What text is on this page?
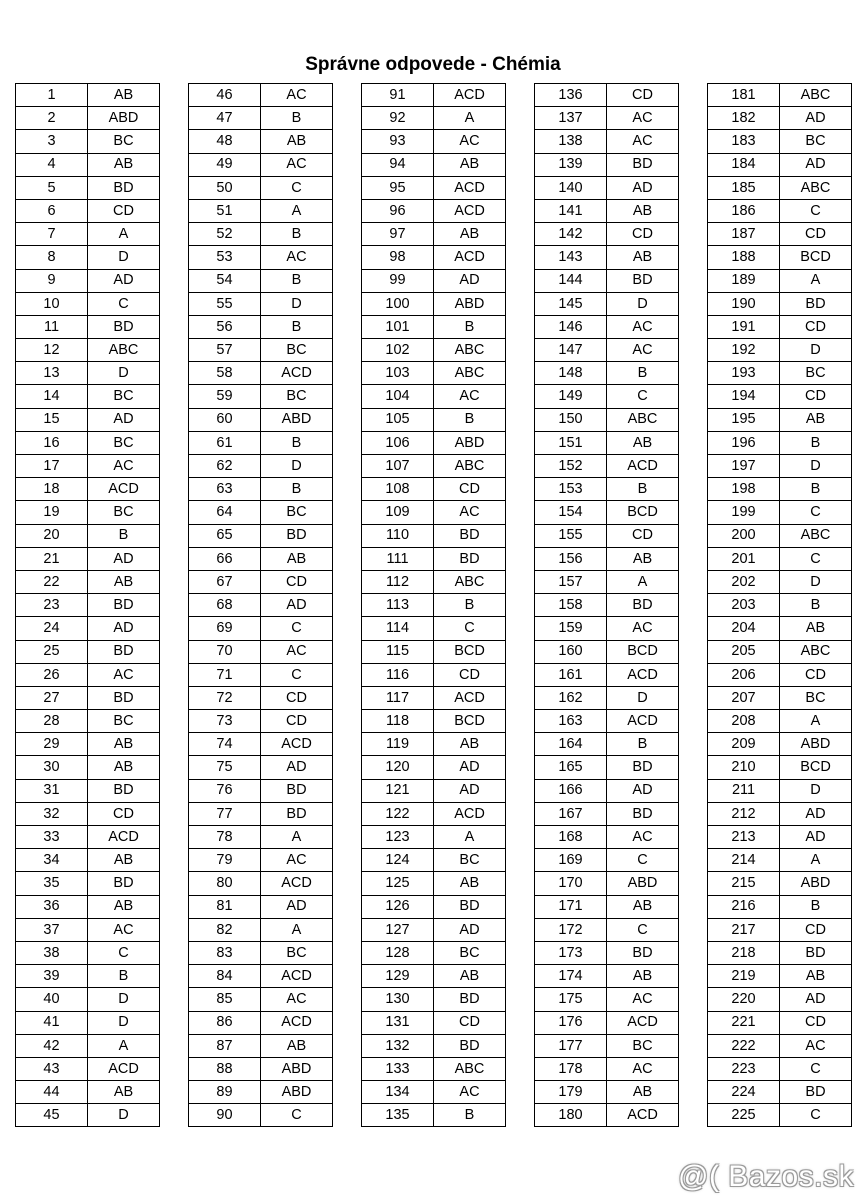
Správne odpovede - Chémia
1	AB
2	ABD
3	BC
4	AB
5	BD
6	CD
7	A
8	D
9	AD
10	C
11	BD
12	ABC
13	D
14	BC
15	AD
16	BC
17	AC
18	ACD
19	BC
20	B
21	AD
22	AB
23	BD
24	AD
25	BD
26	AC
27	BD
28	BC
29	AB
30	AB
31	BD
32	CD
33	ACD
34	AB
35	BD
36	AB
37	AC
38	C
39	B
40	D
41	D
42	A
43	ACD
44	AB
45	D
46	AC
47	B
48	AB
49	AC
50	C
51	A
52	B
53	AC
54	B
55	D
56	B
57	BC
58	ACD
59	BC
60	ABD
61	B
62	D
63	B
64	BC
65	BD
66	AB
67	CD
68	AD
69	C
70	AC
71	C
72	CD
73	CD
74	ACD
75	AD
76	BD
77	BD
78	A
79	AC
80	ACD
81	AD
82	A
83	BC
84	ACD
85	AC
86	ACD
87	AB
88	ABD
89	ABD
90	C
91	ACD
92	A
93	AC
94	AB
95	ACD
96	ACD
97	AB
98	ACD
99	AD
100	ABD
101	B
102	ABC
103	ABC
104	AC
105	B
106	ABD
107	ABC
108	CD
109	AC
110	BD
111	BD
112	ABC
113	B
114	C
115	BCD
116	CD
117	ACD
118	BCD
119	AB
120	AD
121	AD
122	ACD
123	A
124	BC
125	AB
126	BD
127	AD
128	BC
129	AB
130	BD
131	CD
132	BD
133	ABC
134	AC
135	B
136	CD
137	AC
138	AC
139	BD
140	AD
141	AB
142	CD
143	AB
144	BD
145	D
146	AC
147	AC
148	B
149	C
150	ABC
151	AB
152	ACD
153	B
154	BCD
155	CD
156	AB
157	A
158	BD
159	AC
160	BCD
161	ACD
162	D
163	ACD
164	B
165	BD
166	AD
167	BD
168	AC
169	C
170	ABD
171	AB
172	C
173	BD
174	AB
175	AC
176	ACD
177	BC
178	AC
179	AB
180	ACD
181	ABC
182	AD
183	BC
184	AD
185	ABC
186	C
187	CD
188	BCD
189	A
190	BD
191	CD
192	D
193	BC
194	CD
195	AB
196	B
197	D
198	B
199	C
200	ABC
201	C
202	D
203	B
204	AB
205	ABC
206	CD
207	BC
208	A
209	ABD
210	BCD
211	D
212	AD
213	AD
214	A
215	ABD
216	B
217	CD
218	BD
219	AB
220	AD
221	CD
222	AC
223	C
224	BD
225	C
@( Bazos.sk
